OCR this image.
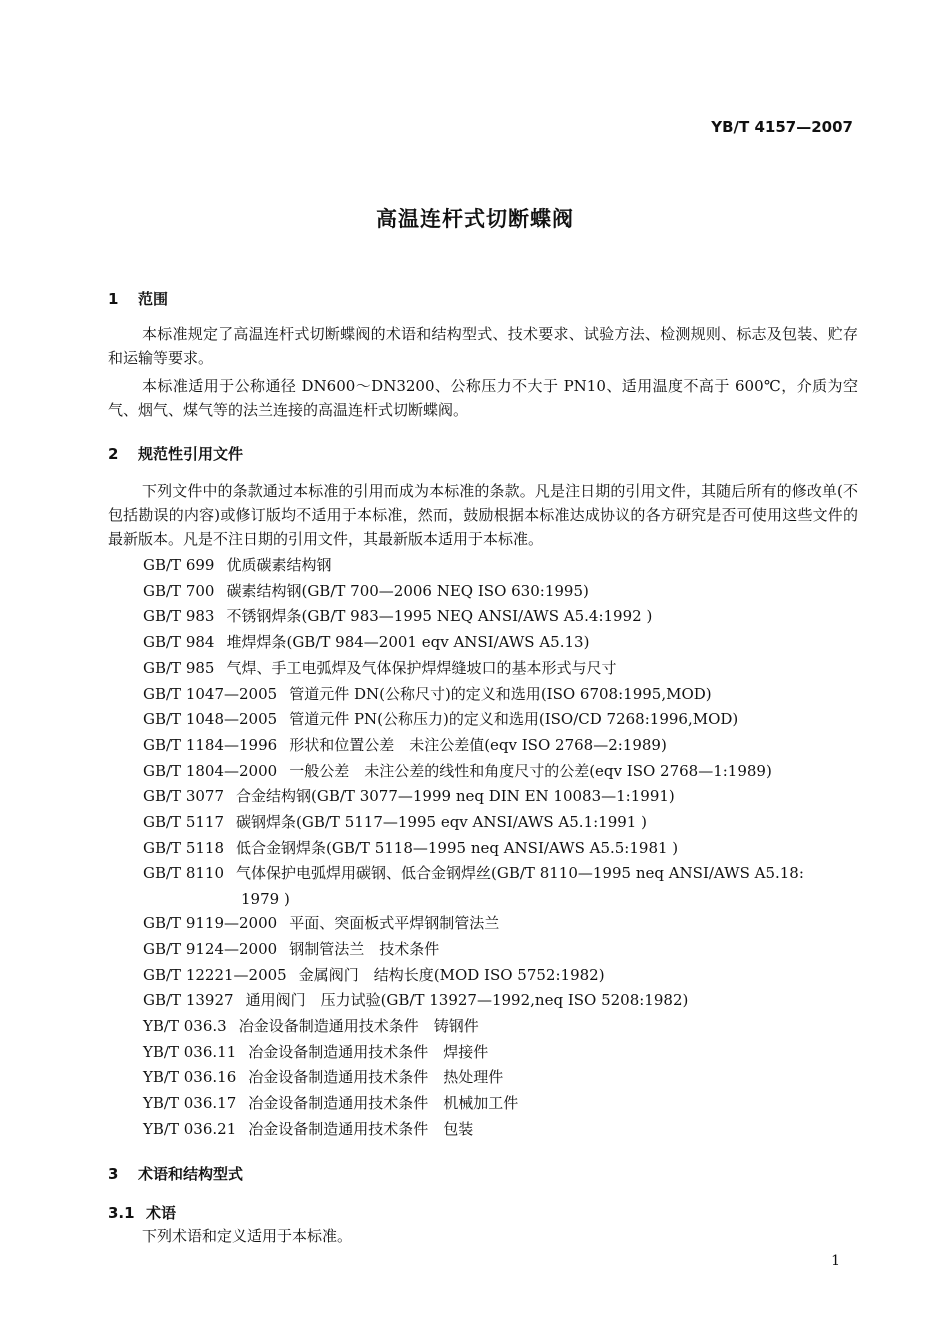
YB/T 4157—2007
高温连杆式切断蝶阀
1 范围
本标准规定了高温连杆式切断蝶阀的术语和结构型式、技术要求、试验方法、检测规则、标志及包装、贮存和运输等要求。
本标准适用于公称通径 DN600～DN3200、公称压力不大于 PN10、适用温度不高于 600℃，介质为空气、烟气、煤气等的法兰连接的高温连杆式切断蝶阀。
2 规范性引用文件
下列文件中的条款通过本标准的引用而成为本标准的条款。凡是注日期的引用文件，其随后所有的修改单(不包括勘误的内容)或修订版均不适用于本标准，然而，鼓励根据本标准达成协议的各方研究是否可使用这些文件的最新版本。凡是不注日期的引用文件，其最新版本适用于本标准。
GB/T 699 优质碳素结构钢
GB/T 700 碳素结构钢(GB/T 700—2006 NEQ ISO 630:1995)
GB/T 983 不锈钢焊条(GB/T 983—1995 NEQ ANSI/AWS A5.4:1992 )
GB/T 984 堆焊焊条(GB/T 984—2001 eqv ANSI/AWS A5.13)
GB/T 985 气焊、手工电弧焊及气体保护焊焊缝坡口的基本形式与尺寸
GB/T 1047—2005 管道元件 DN(公称尺寸)的定义和选用(ISO 6708:1995,MOD)
GB/T 1048—2005 管道元件 PN(公称压力)的定义和选用(ISO/CD 7268:1996,MOD)
GB/T 1184—1996 形状和位置公差　未注公差值(eqv ISO 2768—2:1989)
GB/T 1804—2000 一般公差　未注公差的线性和角度尺寸的公差(eqv ISO 2768—1:1989)
GB/T 3077 合金结构钢(GB/T 3077—1999 neq DIN EN 10083—1:1991)
GB/T 5117 碳钢焊条(GB/T 5117—1995 eqv ANSI/AWS A5.1:1991 )
GB/T 5118 低合金钢焊条(GB/T 5118—1995 neq ANSI/AWS A5.5:1981 )
GB/T 8110 气体保护电弧焊用碳钢、低合金钢焊丝(GB/T 8110—1995 neq ANSI/AWS A5.18:
1979 )
GB/T 9119—2000 平面、突面板式平焊钢制管法兰
GB/T 9124—2000 钢制管法兰　技术条件
GB/T 12221—2005 金属阀门　结构长度(MOD ISO 5752:1982)
GB/T 13927 通用阀门　压力试验(GB/T 13927—1992,neq ISO 5208:1982)
YB/T 036.3 冶金设备制造通用技术条件　铸钢件
YB/T 036.11 冶金设备制造通用技术条件　焊接件
YB/T 036.16 冶金设备制造通用技术条件　热处理件
YB/T 036.17 冶金设备制造通用技术条件　机械加工件
YB/T 036.21 冶金设备制造通用技术条件　包装
3 术语和结构型式
3.1 术语
下列术语和定义适用于本标准。
1
